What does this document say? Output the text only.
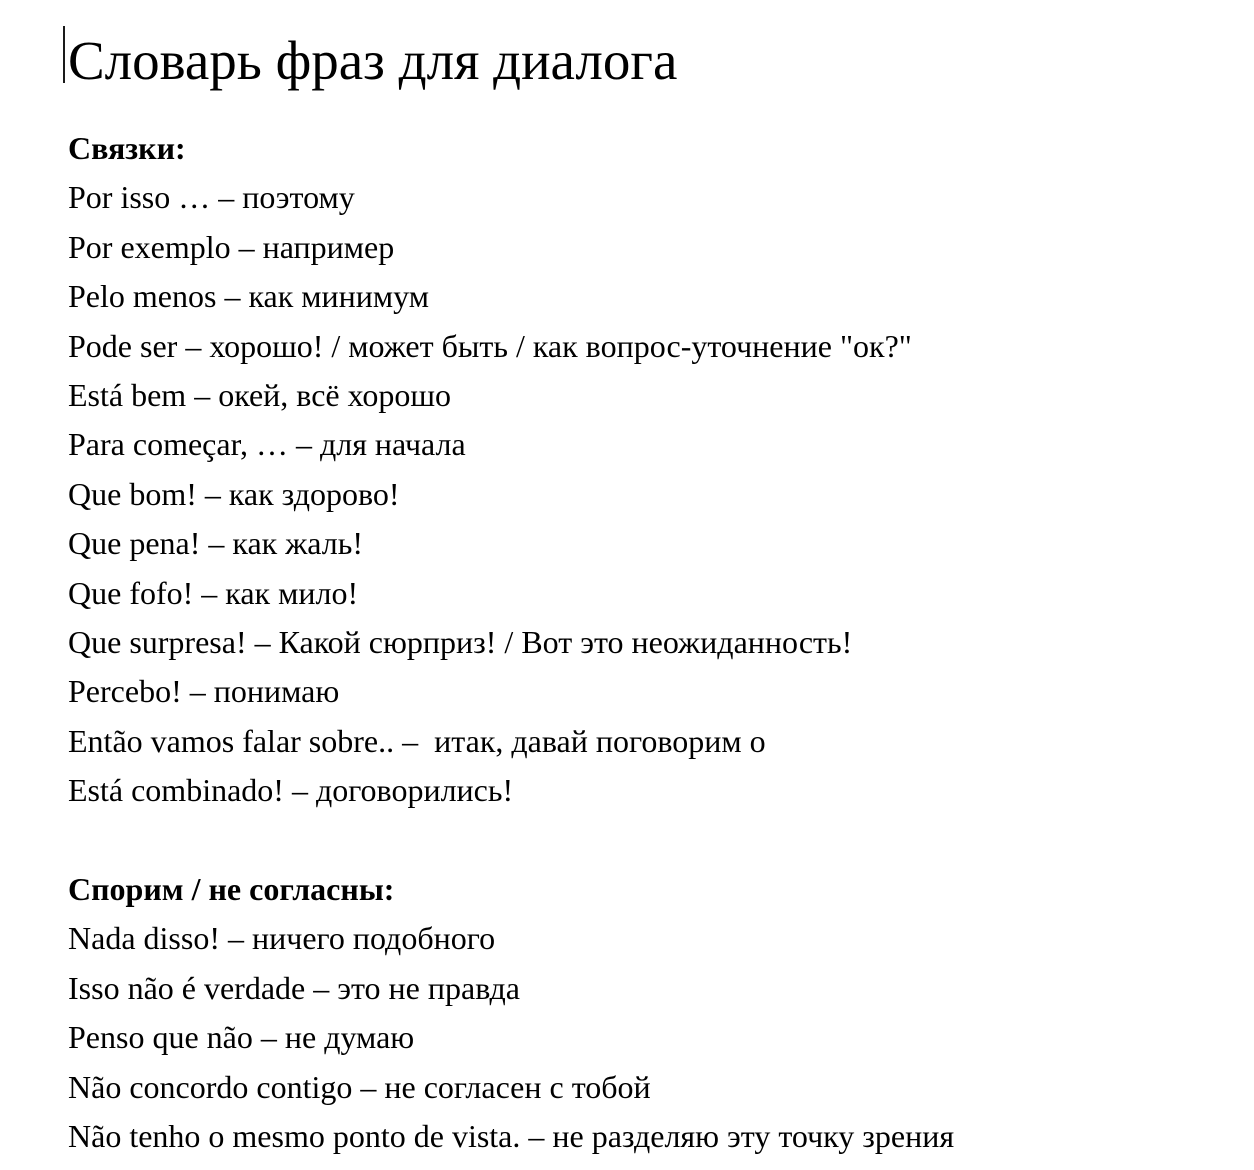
Словарь фраз для диалога

Связки:

Por isso … – поэтому

Por exemplo – например

Pelo menos – как минимум

Pode ser – хорошо! / может быть / как вопрос-уточнение "ок?"

Está bem – окей, всё хорошо

Para começar, … – для начала

Que bom! – как здорово!

Que pena! – как жаль!

Que fofo! – как мило!

Que surpresa! – Какой сюрприз! / Вот это неожиданность!

Percebo! – понимаю

Então vamos falar sobre.. –  итак, давай поговорим о

Está combinado! – договорились!

Спорим / не согласны:

Nada disso! – ничего подобного

Isso não é verdade – это не правда

Penso que não – не думаю

Não concordo contigo – не согласен с тобой

Não tenho o mesmo ponto de vista. – не разделяю эту точку зрения
